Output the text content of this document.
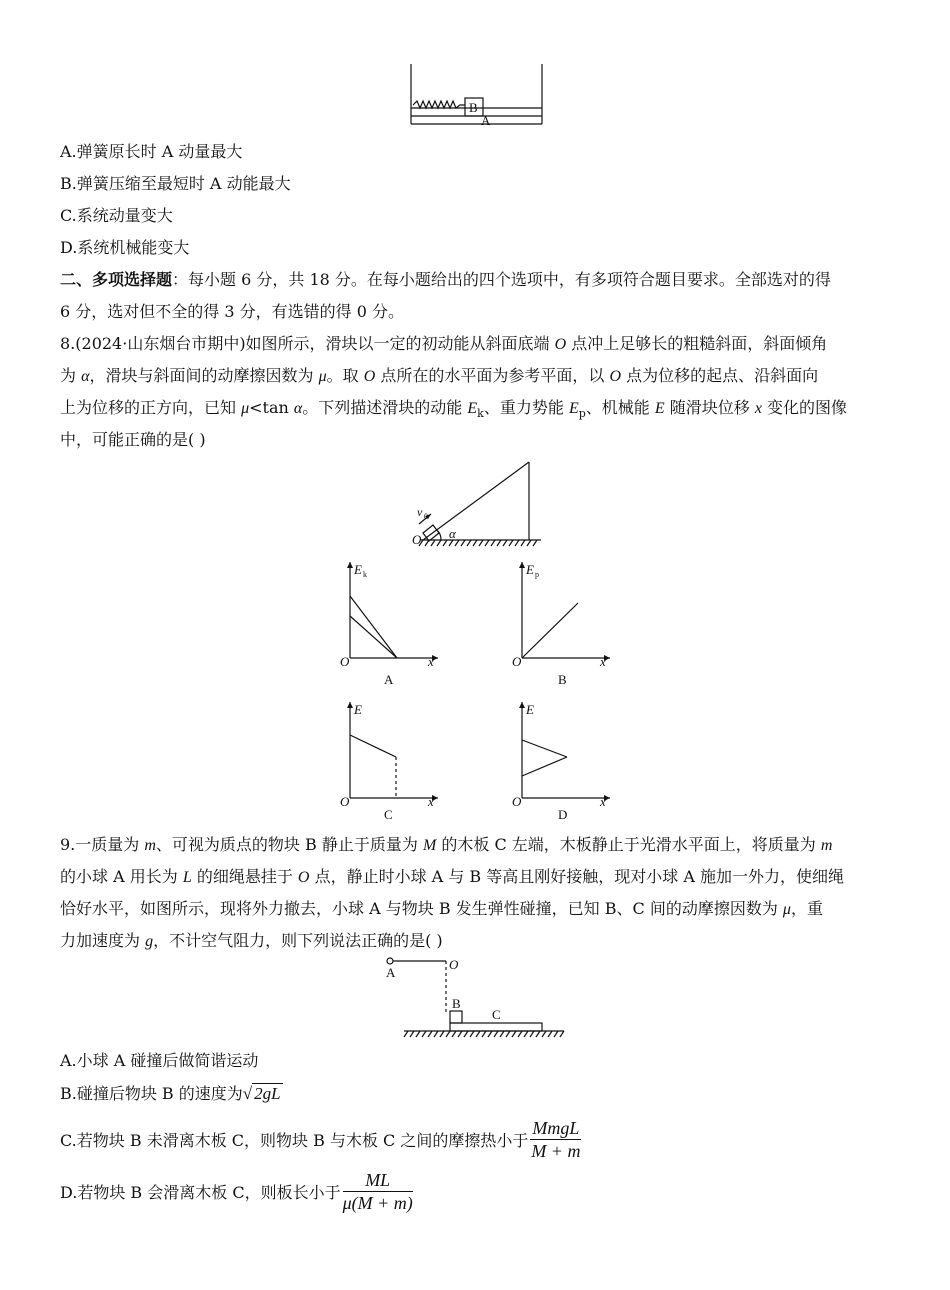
B
A
A.弹簧原长时 A 动量最大
B.弹簧压缩至最短时 A 动能最大
C.系统动量变大
D.系统机械能变大
二、多项选择题：每小题 6 分，共 18 分。在每小题给出的四个选项中，有多项符合题目要求。全部选对的得
6 分，选对但不全的得 3 分，有选错的得 0 分。
8.(2024·山东烟台市期中)如图所示，滑块以一定的初动能从斜面底端 O 点冲上足够长的粗糙斜面，斜面倾角
为 α，滑块与斜面间的动摩擦因数为 μ。取 O 点所在的水平面为参考平面，以 O 点为位移的起点、沿斜面向
上为位移的正方向，已知 μ<tan α。下列描述滑块的动能 $E_k$、重力势能 $E_p$、机械能 E 随滑块位移 x 变化的图像
中，可能正确的是( )
v 0
O α
E k
O	x
A
E p
O	x
B
E
O	x
C
E
O	x
D
9.一质量为 m、可视为质点的物块 B 静止于质量为 M 的木板 C 左端，木板静止于光滑水平面上，将质量为 m
的小球 A 用长为 L 的细绳悬挂于 O 点，静止时小球 A 与 B 等高且刚好接触，现对小球 A 施加一外力，使细绳
恰好水平，如图所示，现将外力撤去，小球 A 与物块 B 发生弹性碰撞，已知 B、C 间的动摩擦因数为 μ，重
力加速度为 g，不计空气阻力，则下列说法正确的是( )
A
O
B
C
A.小球 A 碰撞后做简谐运动
B.碰撞后物块 B 的速度为√ 2gL
C.若物块 B 未滑离木板 C，则物块 B 与木板 C 之间的摩擦热小于 $\frac{\text{MmgL}}{M + m}$
D.若物块 B 会滑离木板 C，则板长小于 $\frac{ML}{\mu(M + m)}$
